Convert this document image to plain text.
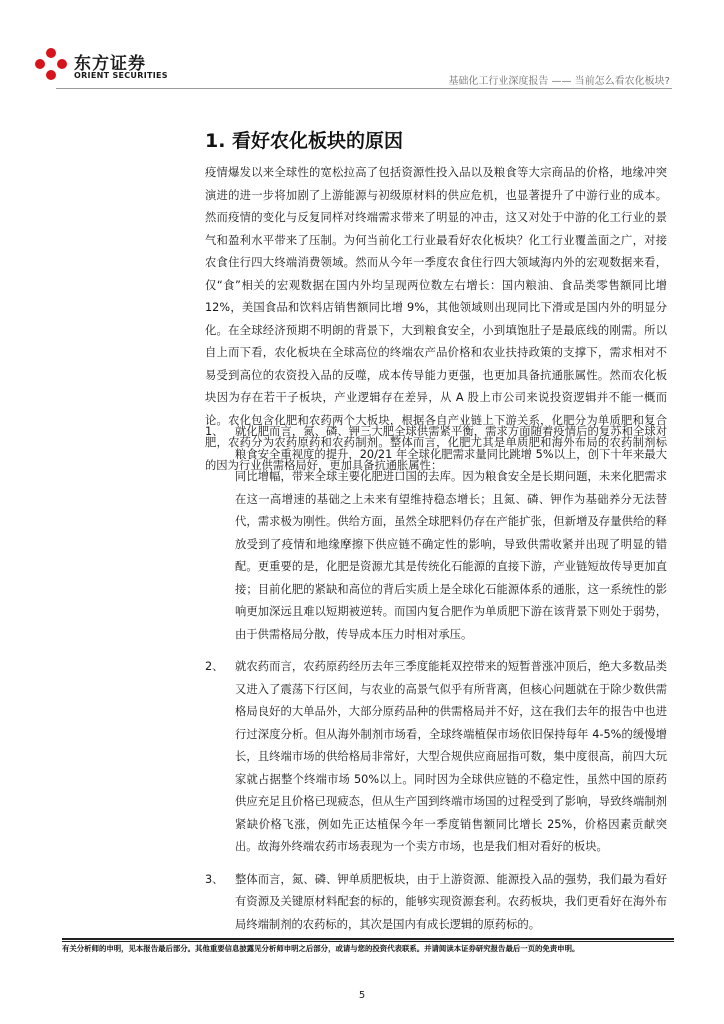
东方证券
ORIENT SECURITIES
基础化工行业深度报告 —— 当前怎么看农化板块?
1. 看好农化板块的原因

疫情爆发以来全球性的宽松拉高了包括资源性投入品以及粮食等大宗商品的价格，地缘冲突演进的进一步将加剧了上游能源与初级原材料的供应危机，也显著提升了中游行业的成本。然而疫情的变化与反复同样对终端需求带来了明显的冲击，这又对处于中游的化工行业的景气和盈利水平带来了压制。为何当前化工行业最看好农化板块？化工行业覆盖面之广，对接农食住行四大终端消费领域。然而从今年一季度农食住行四大领域海内外的宏观数据来看，仅“食”相关的宏观数据在国内外均呈现两位数左右增长：国内粮油、食品类零售额同比增 12%，美国食品和饮料店销售额同比增 9%，其他领域则出现同比下滑或是国内外的明显分化。在全球经济预期不明朗的背景下，大到粮食安全，小到填饱肚子是最底线的刚需。所以自上而下看，农化板块在全球高位的终端农产品价格和农业扶持政策的支撑下，需求相对不易受到高位的农资投入品的反噬，成本传导能力更强，也更加具备抗通胀属性。然而农化板块因为存在若干子板块，产业逻辑存在差异，从 A 股上市公司来说投资逻辑并不能一概而论。农化包含化肥和农药两个大板块，根据各自产业链上下游关系，化肥分为单质肥和复合肥，农药分为农药原药和农药制剂。整体而言，化肥尤其是单质肥和海外布局的农药制剂标的因为行业供需格局好，更加具备抗通胀属性：

1、 就化肥而言，氮、磷、钾三大肥全球供需紧平衡，需求方面随着疫情后的复苏和全球对粮食安全重视度的提升，20/21 年全球化肥需求量同比跳增 5%以上，创下十年来最大同比增幅，带来全球主要化肥进口国的去库。因为粮食安全是长期问题，未来化肥需求在这一高增速的基础之上未来有望维持稳态增长；且氮、磷、钾作为基础养分无法替代，需求极为刚性。供给方面，虽然全球肥料仍存在产能扩张，但新增及存量供给的释放受到了疫情和地缘摩擦下供应链不确定性的影响，导致供需收紧并出现了明显的错配。更重要的是，化肥是资源尤其是传统化石能源的直接下游，产业链短故传导更加直接；目前化肥的紧缺和高位的背后实质上是全球化石能源体系的通胀，这一系统性的影响更加深远且难以短期被逆转。而国内复合肥作为单质肥下游在该背景下则处于弱势，由于供需格局分散，传导成本压力时相对承压。
2、 就农药而言，农药原药经历去年三季度能耗双控带来的短暂普涨冲顶后，绝大多数品类又进入了震荡下行区间，与农业的高景气似乎有所背离，但核心问题就在于除少数供需格局良好的大单品外，大部分原药品种的供需格局并不好，这在我们去年的报告中也进行过深度分析。但从海外制剂市场看，全球终端植保市场依旧保持每年 4-5%的缓慢增长，且终端市场的供给格局非常好，大型合规供应商屈指可数，集中度很高，前四大玩家就占据整个终端市场 50%以上。同时因为全球供应链的不稳定性，虽然中国的原药供应充足且价格已现疲态，但从生产国到终端市场国的过程受到了影响，导致终端制剂紧缺价格飞涨，例如先正达植保今年一季度销售额同比增长 25%，价格因素贡献突出。故海外终端农药市场表现为一个卖方市场，也是我们相对看好的板块。
3、 整体而言，氮、磷、钾单质肥板块，由于上游资源、能源投入品的强势，我们最为看好有资源及关键原材料配套的标的，能够实现资源套利。农药板块，我们更看好在海外布局终端制剂的农药标的，其次是国内有成长逻辑的原药标的。
有关分析师的申明，见本报告最后部分。其他重要信息披露见分析师申明之后部分，或请与您的投资代表联系。并请阅读本证券研究报告最后一页的免责申明。
5
